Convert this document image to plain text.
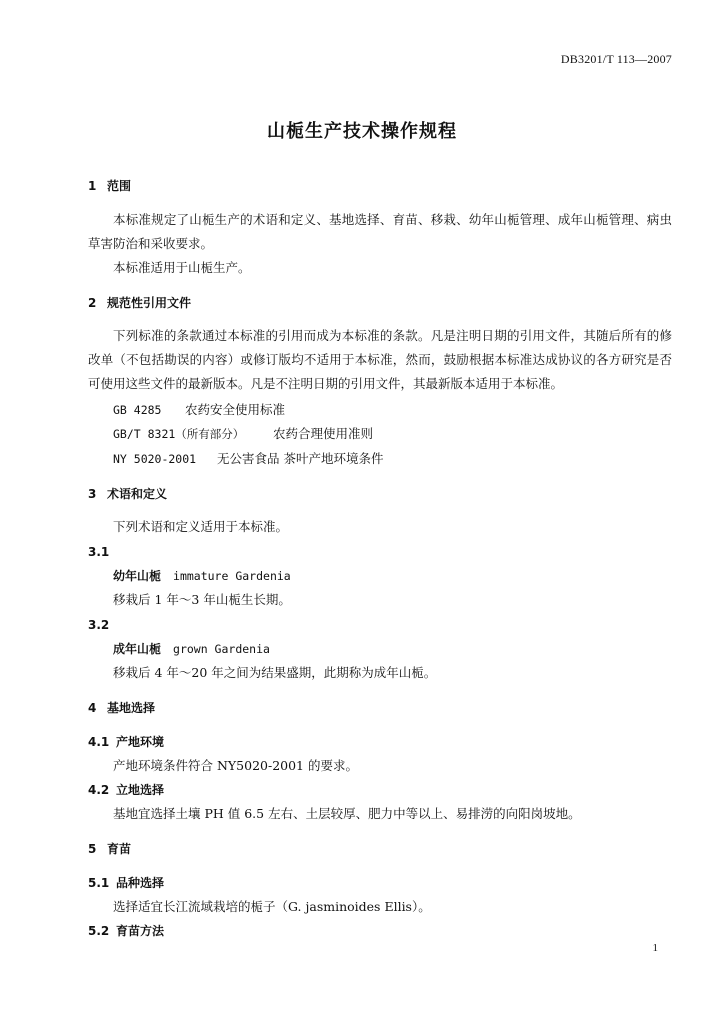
DB3201/T 113—2007
山栀生产技术操作规程
1 范围
本标准规定了山栀生产的术语和定义、基地选择、育苗、移栽、幼年山栀管理、成年山栀管理、病虫草害防治和采收要求。
本标准适用于山栀生产。
2 规范性引用文件
下列标准的条款通过本标准的引用而成为本标准的条款。凡是注明日期的引用文件，其随后所有的修改单（不包括勘误的内容）或修订版均不适用于本标准，然而，鼓励根据本标准达成协议的各方研究是否可使用这些文件的最新版本。凡是不注明日期的引用文件，其最新版本适用于本标准。
GB 4285 农药安全使用标准
GB/T 8321（所有部分） 农药合理使用准则
NY 5020-2001 无公害食品 茶叶产地环境条件
3 术语和定义
下列术语和定义适用于本标准。
3.1
幼年山栀 immature Gardenia
移栽后 1 年～3 年山栀生长期。
3.2
成年山栀 grown Gardenia
移栽后 4 年～20 年之间为结果盛期，此期称为成年山栀。
4 基地选择
4.1 产地环境
产地环境条件符合 NY5020-2001 的要求。
4.2 立地选择
基地宜选择土壤 PH 值 6.5 左右、土层较厚、肥力中等以上、易排涝的向阳岗坡地。
5 育苗
5.1 品种选择
选择适宜长江流域栽培的栀子（G. jasminoides Ellis）。
5.2 育苗方法
1
